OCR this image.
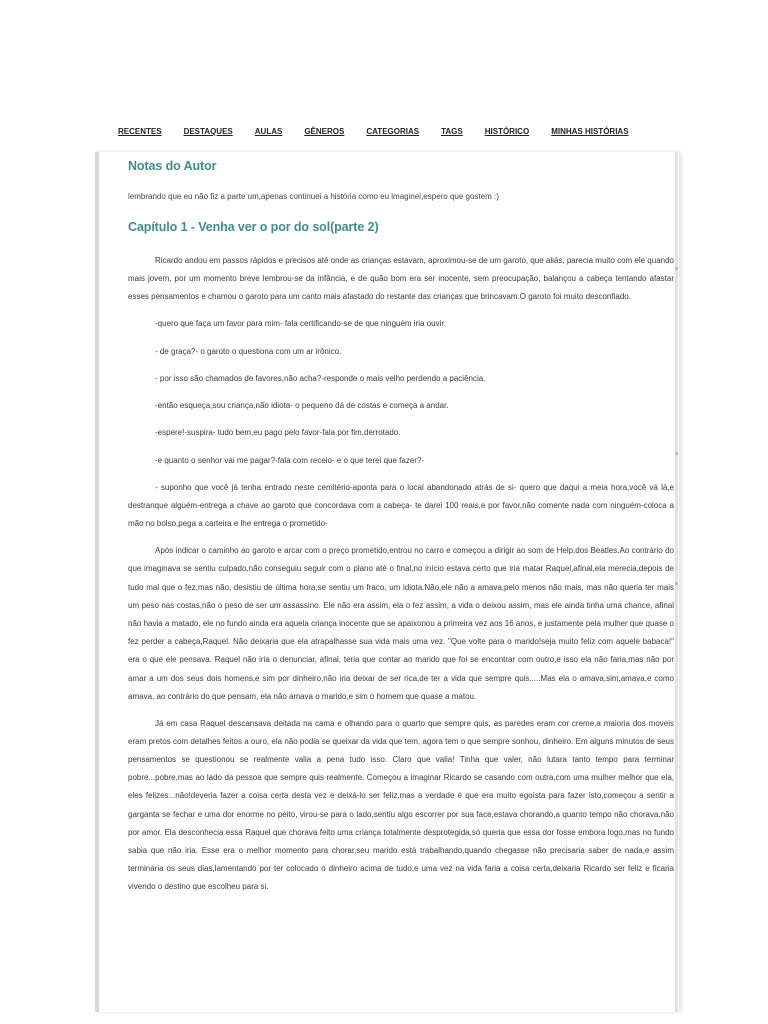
RECENTES	DESTAQUES	AULAS	GÊNEROS	CATEGORIAS	TAGS	HISTÓRICO	MINHAS HISTÓRIAS
Notas do Autor
lembrando que eu não fiz a parte um,apenas continuei a história como eu imaginei,espero que gostem :)
Capítulo 1 - Venha ver o por do sol(parte 2)

Ricardo andou em passos rápidos e precisos até onde as crianças estavam, aproximou-se de um garoto, que aliás, parecia muito com ele quando mais jovem, por um momento breve lembrou-se da infância, e de quão bom era ser inocente, sem preocupação, balançou a cabeça tentando afastar esses pensamentos e chamou o garoto para um canto mais afastado do restante das crianças que brincavam.O garoto foi muito desconfiado.

-quero que faça um favor para mim- fala certificando-se de que ninguém iria ouvir.

- de graça?- o garoto o questiona com um ar irônico.

- por isso são chamados de favores,não acha?-responde o mais velho perdendo a paciência.

-então esqueça,sou criança,não idiota- o pequeno dá de costas e começa a andar.

-espere!-suspira- tudo bem,eu pago pelo favor-fala por fim,derrotado.

-e quanto o senhor vai me pagar?-fala com receio- e o que terei que fazer?-

- suponho que você já tenha entrado neste cemitério-aponta para o local abandonado atrás de si- quero que daqui a meia hora,você vá lá,e destranque alguém-entrega a chave ao garoto que concordava com a cabeça- te darei 100 reais,e por favor,não comente nada com ninguém-coloca a mão no bolso,pega a carteira e lhe entrega o prometido-

Após indicar o caminho ao garoto e arcar com o preço prometido,entrou no carro e começou a dirigir ao som de Help,dos Beatles.Ao contrário do que imaginava se sentiu culpado,não conseguiu seguir com o plano até o final,no início estava certo que iria matar Raquel,afinal,ela merecia,depois de tudo mal que o fez,mas não, desistiu de última hora,se sentiu um fraco, um idiota.Não,ele não a amava,pelo menos não mais, mas não queria ter mais um peso nas costas,não o peso de ser um assassino. Ele não era assim, ela o fez assim, a vida o deixou assim, mas ele ainda tinha uma chance, afinal não havia a matado, ele no fundo ainda era aquela criança inocente que se apaixonou a primeira vez aos 16 anos, e justamente pela mulher que quase o fez perder a cabeça,Raquel. Não deixaria que ela atrapalhasse sua vida mais uma vez. "Que volte para o marido!seja muito feliz com aquele babaca!" era o que ele pensava. Raquel não iria o denunciar, afinal, teria que contar ao marido que foi se encontrar com outro,e isso ela não faria,mas não por amar a um dos seus dois homens,e sim por dinheiro,não iria deixar de ser rica,de ter a vida que sempre quis.....Mas ela o amava,sim,amava,e como amava, ao contrário do que pensam, ela não amava o marido,e sim o homem que quase a matou.

Já em casa Raquel descansava deitada na cama e olhando para o quarto que sempre quis, as paredes eram cor creme,a maioria dos moveis eram pretos com detalhes feitos a ouro, ela não podia se queixar da vida que tem, agora tem o que sempre sonhou, dinheiro. Em alguns minutos de seus pensamentos se questionou se realmente valia a pena tudo isso. Claro que valia! Tinha que valer, não lutara tanto tempo para terminar pobre...pobre,mas ao lado da pessoa que sempre quis realmente. Começou a imaginar Ricardo se casando com outra,com uma mulher melhor que ela, eles felizes...não!deveria fazer a coisa certa desta vez e deixá-lo ser feliz,mas a verdade é que era muito egoísta para fazer isto,começou a sentir a garganta se fechar e uma dor enorme no peito, virou-se para o lado,sentiu algo escorrer por sua face,estava chorando,a quanto tempo não chorava,não por amor. Ela desconhecia essa Raquel que chorava feito uma criança totalmente desprotegida,só queria que essa dor fosse embora logo,mas no fundo sabia que não iria. Esse era o melhor momento para chorar,seu marido está trabalhando,quando chegasse não precisaria saber de nada,e assim terminaria os seus dias,lamentando por ter colocado o dinheiro acima de tudo,e uma vez na vida faria a coisa certa,deixaria Ricardo ser feliz e ficaria vivendo o destino que escolheu para si.
